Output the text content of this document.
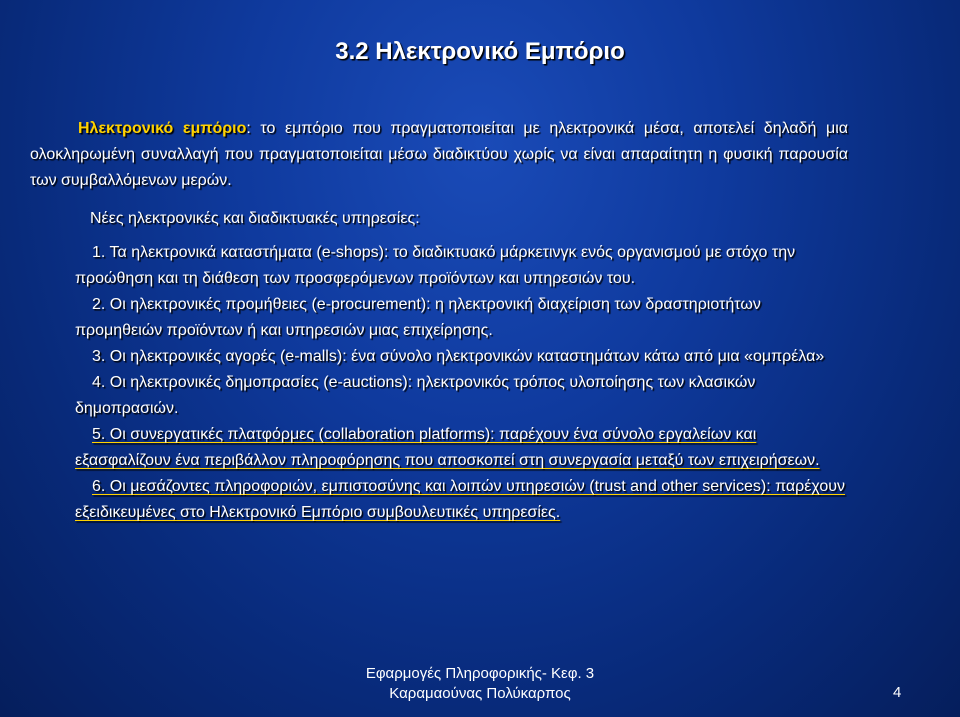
3.2 Ηλεκτρονικό Εμπόριο
Ηλεκτρονικό εμπόριο: το εμπόριο που πραγματοποιείται με ηλεκτρονικά μέσα, αποτελεί δηλαδή μια ολοκληρωμένη συναλλαγή που πραγματοποιείται μέσω διαδικτύου χωρίς να είναι απαραίτητη η φυσική παρουσία των συμβαλλόμενων μερών.
Νέες ηλεκτρονικές και διαδικτυακές υπηρεσίες:
1. Τα ηλεκτρονικά καταστήματα (e-shops): το διαδικτυακό μάρκετινγκ ενός οργανισμού με στόχο την προώθηση και τη διάθεση των προσφερόμενων προϊόντων και υπηρεσιών του.
2. Οι ηλεκτρονικές προμήθειες (e-procurement): η ηλεκτρονική διαχείριση των δραστηριοτήτων προμηθειών προϊόντων ή και υπηρεσιών μιας επιχείρησης.
3. Οι ηλεκτρονικές αγορές (e-malls): ένα σύνολο ηλεκτρονικών καταστημάτων κάτω από μια «ομπρέλα»
4. Οι ηλεκτρονικές δημοπρασίες (e-auctions): ηλεκτρονικός τρόπος υλοποίησης των κλασικών δημοπρασιών.
5. Οι συνεργατικές πλατφόρμες (collaboration platforms): παρέχουν ένα σύνολο εργαλείων και εξασφαλίζουν ένα περιβάλλον πληροφόρησης που αποσκοπεί στη συνεργασία μεταξύ των επιχειρήσεων.
6. Οι μεσάζοντες πληροφοριών, εμπιστοσύνης και λοιπών υπηρεσιών (trust and other services): παρέχουν εξειδικευμένες στο Ηλεκτρονικό Εμπόριο συμβουλευτικές υπηρεσίες.
Εφαρμογές Πληροφορικής- Κεφ. 3
Καραμαούνας Πολύκαρπος	4
